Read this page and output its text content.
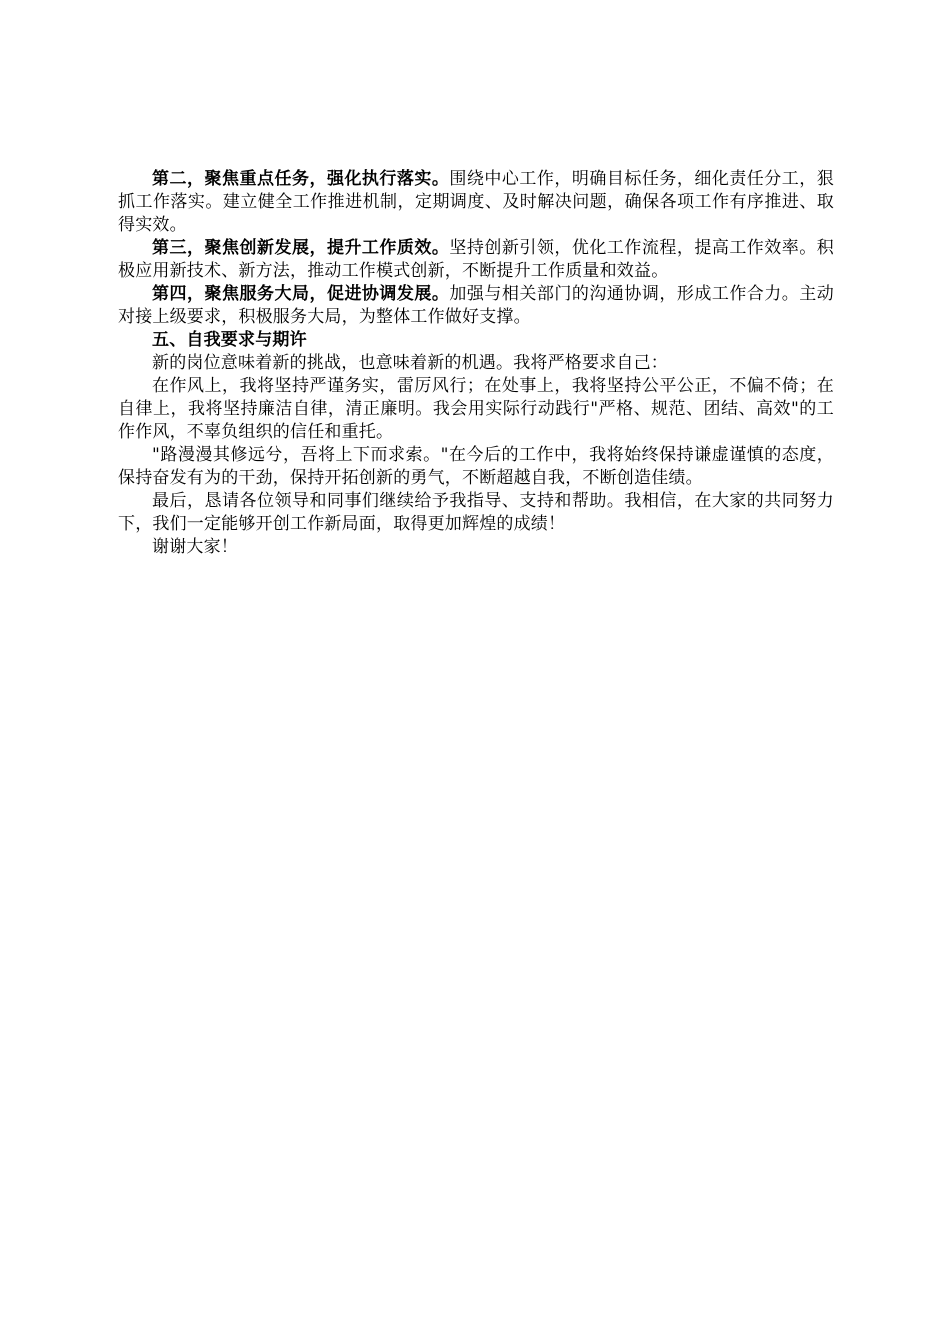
第二，聚焦重点任务，强化执行落实。围绕中心工作，明确目标任务，细化责任分工，狠抓工作落实。建立健全工作推进机制，定期调度、及时解决问题，确保各项工作有序推进、取得实效。

第三，聚焦创新发展，提升工作质效。坚持创新引领，优化工作流程，提高工作效率。积极应用新技术、新方法，推动工作模式创新，不断提升工作质量和效益。

第四，聚焦服务大局，促进协调发展。加强与相关部门的沟通协调，形成工作合力。主动对接上级要求，积极服务大局，为整体工作做好支撑。

五、自我要求与期许

新的岗位意味着新的挑战，也意味着新的机遇。我将严格要求自己：

在作风上，我将坚持严谨务实，雷厉风行；在处事上，我将坚持公平公正，不偏不倚；在自律上，我将坚持廉洁自律，清正廉明。我会用实际行动践行"严格、规范、团结、高效"的工作作风，不辜负组织的信任和重托。

"路漫漫其修远兮，吾将上下而求索。"在今后的工作中，我将始终保持谦虚谨慎的态度，保持奋发有为的干劲，保持开拓创新的勇气，不断超越自我，不断创造佳绩。

最后，恳请各位领导和同事们继续给予我指导、支持和帮助。我相信，在大家的共同努力下，我们一定能够开创工作新局面，取得更加辉煌的成绩！

谢谢大家！
